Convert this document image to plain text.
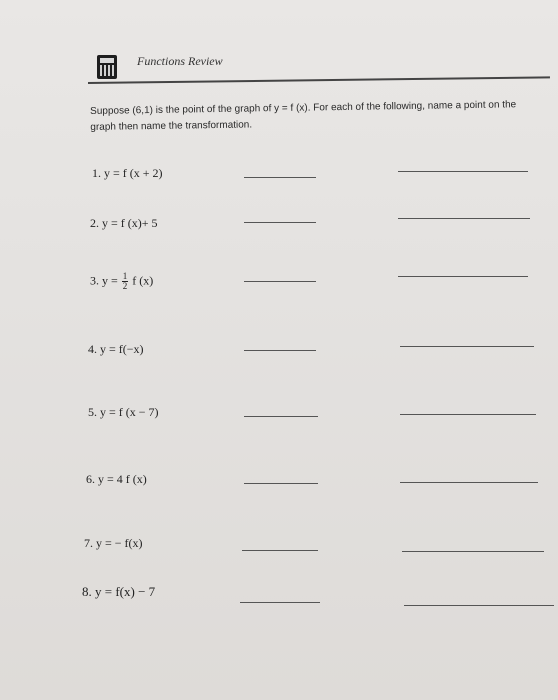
Functions Review
Suppose (6,1) is the point of the graph of y = f (x). For each of the following, name a point on the graph then name the transformation.
1. y = f (x + 2)
2. y = f (x)+ 5
3. $y = \frac{1}{2}$ f (x)
4. y = f(−x)
5. y = f (x − 7)
6. y = 4 f (x)
7. y = − f(x)
8. y = f(x) − 7
